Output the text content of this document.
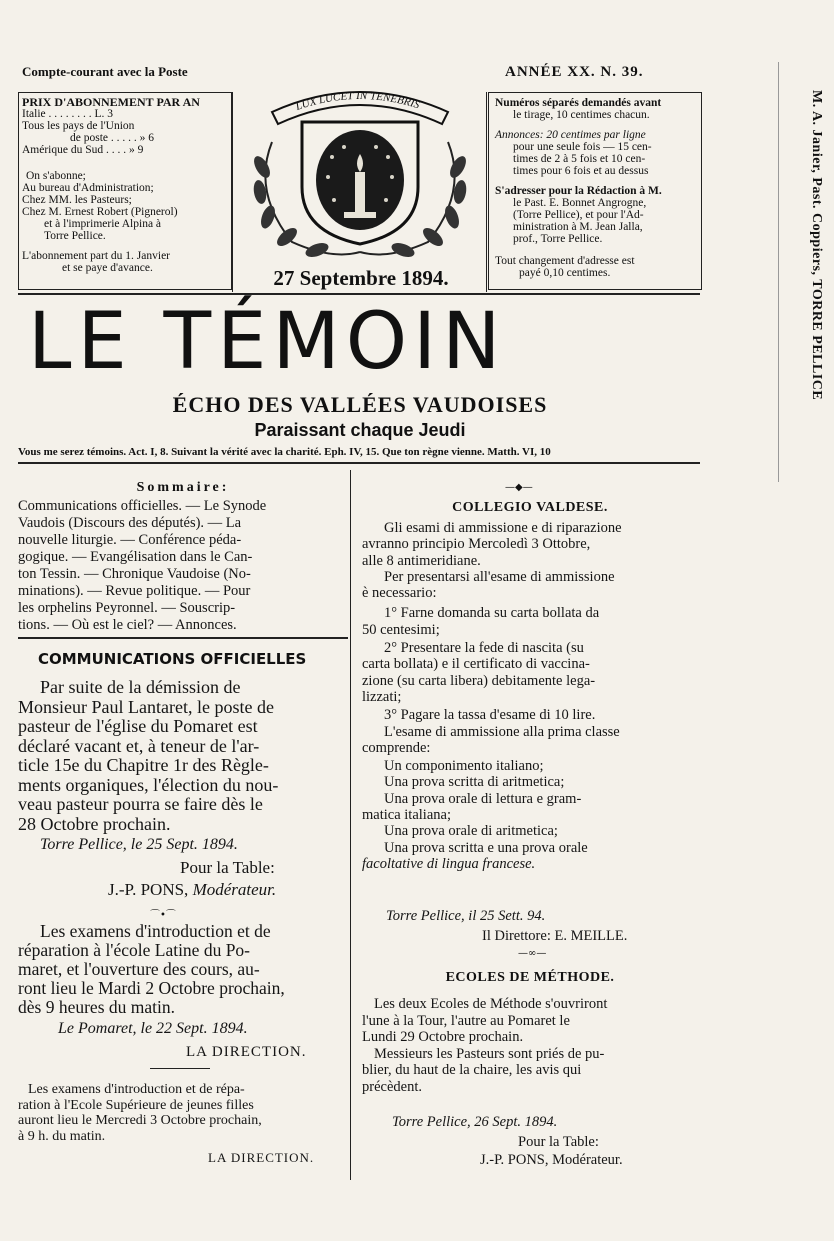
Compte-courant avec la Poste	ANNÉE XX. N. 39.
PRIX D'ABONNEMENT PAR AN
Italie . . . . . . . . L. 3
Tous les pays de l'Union
de poste . . . . . » 6
Amérique du Sud . . . . » 9
On s'abonne;
Au bureau d'Administration;
Chez MM. les Pasteurs;
Chez M. Ernest Robert (Pignerol)
et à l'imprimerie Alpina à
Torre Pellice.
L'abonnement part du 1. Janvier
et se paye d'avance.
Numéros séparés demandés avant
le tirage, 10 centimes chacun.
Annonces: 20 centimes par ligne
pour une seule fois — 15 cen-
times de 2 à 5 fois et 10 cen-
times pour 6 fois et au dessus
S'adresser pour la Rédaction à M.
le Past. E. Bonnet Angrogne,
(Torre Pellice), et pour l'Ad-
ministration à M. Jean Jalla,
prof., Torre Pellice.
Tout changement d'adresse est
payé 0,10 centimes.
LUX LUCET IN TENEBRIS
27 Septembre 1894.
LE TÉMOIN
ÉCHO DES VALLÉES VAUDOISES
Paraissant chaque Jeudi
Vous me serez témoins. Act. I, 8. Suivant la vérité avec la charité. Eph. IV, 15. Que ton règne vienne. Matth. VI, 10
M. A. Janier, Past. Coppiers, TORRE PELLICE
Sommaire:
Communications officielles. — Le Synode
Vaudois (Discours des députés). — La
nouvelle liturgie. — Conférence péda-
gogique. — Evangélisation dans le Can-
ton Tessin. — Chronique Vaudoise (No-
minations). — Revue politique. — Pour
les orphelins Peyronnel. — Souscrip-
tions. — Où est le ciel? — Annonces.
COMMUNICATIONS OFFICIELLES
Par suite de la démission de
Monsieur Paul Lantaret, le poste de
pasteur de l'église du Pomaret est
déclaré vacant et, à teneur de l'ar-
ticle 15e du Chapitre 1r des Règle-
ments organiques, l'élection du nou-
veau pasteur pourra se faire dès le
28 Octobre prochain.
Torre Pellice, le 25 Sept. 1894.
Pour la Table:
J.-P. PONS, Modérateur.
⌒•⌒
Les examens d'introduction et de
réparation à l'école Latine du Po-
maret, et l'ouverture des cours, au-
ront lieu le Mardi 2 Octobre prochain,
dès 9 heures du matin.
Le Pomaret, le 22 Sept. 1894.
LA DIRECTION.
Les examens d'introduction et de répa-
ration à l'Ecole Supérieure de jeunes filles
auront lieu le Mercredi 3 Octobre prochain,
à 9 h. du matin.
LA DIRECTION.
—◆—
COLLEGIO VALDESE.
Gli esami di ammissione e di riparazione
avranno principio Mercoledì 3 Ottobre,
alle 8 antimeridiane.
Per presentarsi all'esame di ammissione
è necessario:
1° Farne domanda su carta bollata da
50 centesimi;
2° Presentare la fede di nascita (su
carta bollata) e il certificato di vaccina-
zione (su carta libera) debitamente lega-
lizzati;
3° Pagare la tassa d'esame di 10 lire.
L'esame di ammissione alla prima classe
comprende:
Un componimento italiano;
Una prova scritta di aritmetica;
Una prova orale di lettura e gram-
matica italiana;
Una prova orale di aritmetica;
Una prova scritta e una prova orale
facoltative di lingua francese.
Torre Pellice, il 25 Sett. 94.
Il Direttore: E. MEILLE.
—∞—
ECOLES DE MÉTHODE.
Les deux Ecoles de Méthode s'ouvriront
l'une à la Tour, l'autre au Pomaret le
Lundi 29 Octobre prochain.
Messieurs les Pasteurs sont priés de pu-
blier, du haut de la chaire, les avis qui
précèdent.
Torre Pellice, 26 Sept. 1894.
Pour la Table:
J.-P. PONS, Modérateur.
